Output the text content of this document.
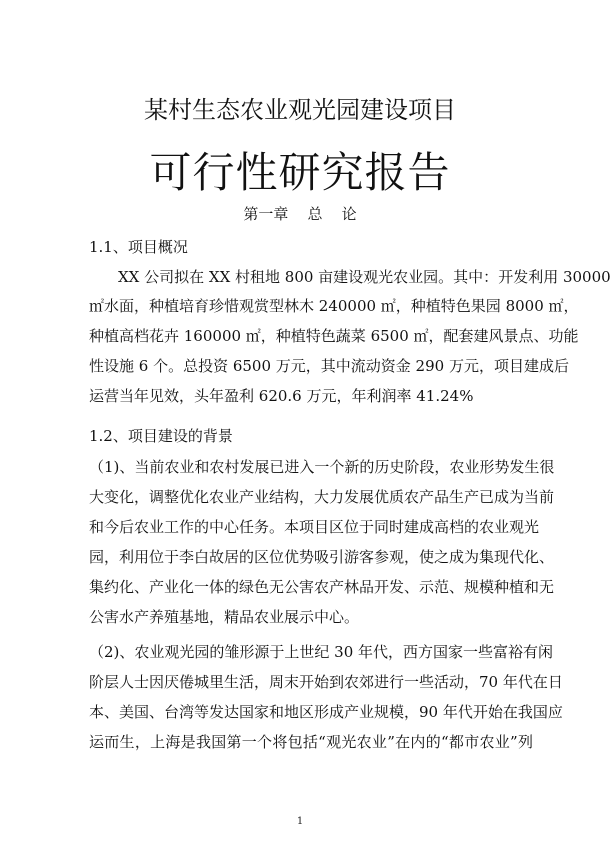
某村生态农业观光园建设项目
可行性研究报告
第一章    总    论
1.1、项目概况
XX 公司拟在 XX 村租地 800 亩建设观光农业园。其中：开发利用 30000
㎡水面，种植培育珍惜观赏型林木 240000 ㎡，种植特色果园 8000 ㎡，
种植高档花卉 160000 ㎡，种植特色蔬菜 6500 ㎡，配套建风景点、功能
性设施 6 个。总投资 6500 万元，其中流动资金 290 万元，项目建成后
运营当年见效，头年盈利 620.6 万元，年利润率 41.24%
1.2、项目建设的背景
（1)、当前农业和农村发展已进入一个新的历史阶段，农业形势发生很
大变化，调整优化农业产业结构，大力发展优质农产品生产已成为当前
和今后农业工作的中心任务。本项目区位于同时建成高档的农业观光
园，利用位于李白故居的区位优势吸引游客参观，使之成为集现代化、
集约化、产业化一体的绿色无公害农产林品开发、示范、规模种植和无
公害水产养殖基地，精品农业展示中心。
（2)、农业观光园的雏形源于上世纪 30 年代，西方国家一些富裕有闲
阶层人士因厌倦城里生活，周末开始到农郊进行一些活动，70 年代在日
本、美国、台湾等发达国家和地区形成产业规模，90 年代开始在我国应
运而生，上海是我国第一个将包括“观光农业”在内的“都市农业”列
1
